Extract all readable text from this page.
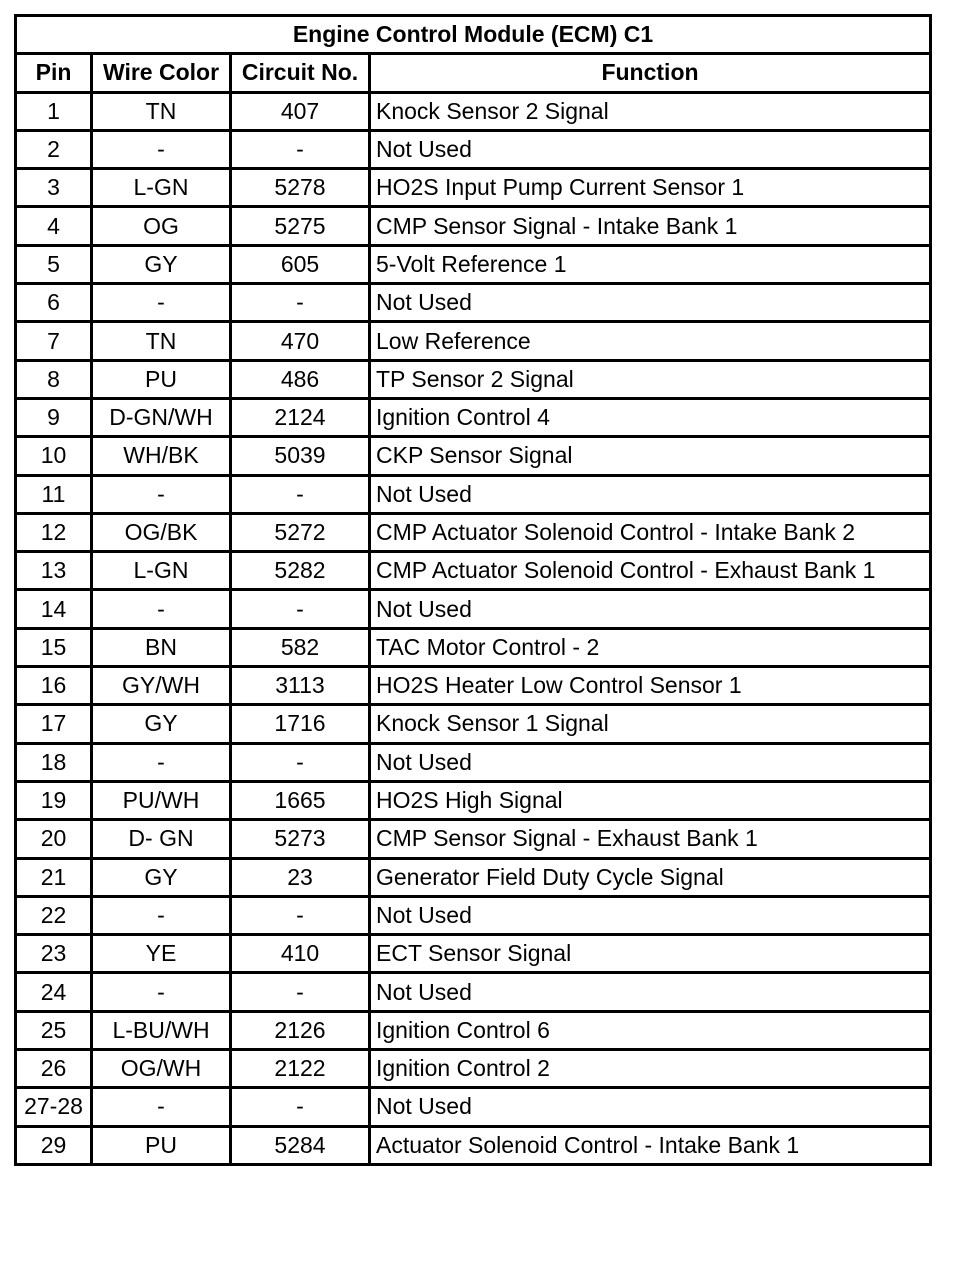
Engine Control Module (ECM) C1			
Pin	Wire Color	Circuit No.	Function
1	TN	407	Knock Sensor 2 Signal
2	-	-	Not Used
3	L-GN	5278	HO2S Input Pump Current Sensor 1
4	OG	5275	CMP Sensor Signal - Intake Bank 1
5	GY	605	5-Volt Reference 1
6	-	-	Not Used
7	TN	470	Low Reference
8	PU	486	TP Sensor 2 Signal
9	D-GN/WH	2124	Ignition Control 4
10	WH/BK	5039	CKP Sensor Signal
11	-	-	Not Used
12	OG/BK	5272	CMP Actuator Solenoid Control - Intake Bank 2
13	L-GN	5282	CMP Actuator Solenoid Control - Exhaust Bank 1
14	-	-	Not Used
15	BN	582	TAC Motor Control - 2
16	GY/WH	3113	HO2S Heater Low Control Sensor 1
17	GY	1716	Knock Sensor 1 Signal
18	-	-	Not Used
19	PU/WH	1665	HO2S High Signal
20	D- GN	5273	CMP Sensor Signal - Exhaust Bank 1
21	GY	23	Generator Field Duty Cycle Signal
22	-	-	Not Used
23	YE	410	ECT Sensor Signal
24	-	-	Not Used
25	L-BU/WH	2126	Ignition Control 6
26	OG/WH	2122	Ignition Control 2
27-28	-	-	Not Used
29	PU	5284	Actuator Solenoid Control - Intake Bank 1
